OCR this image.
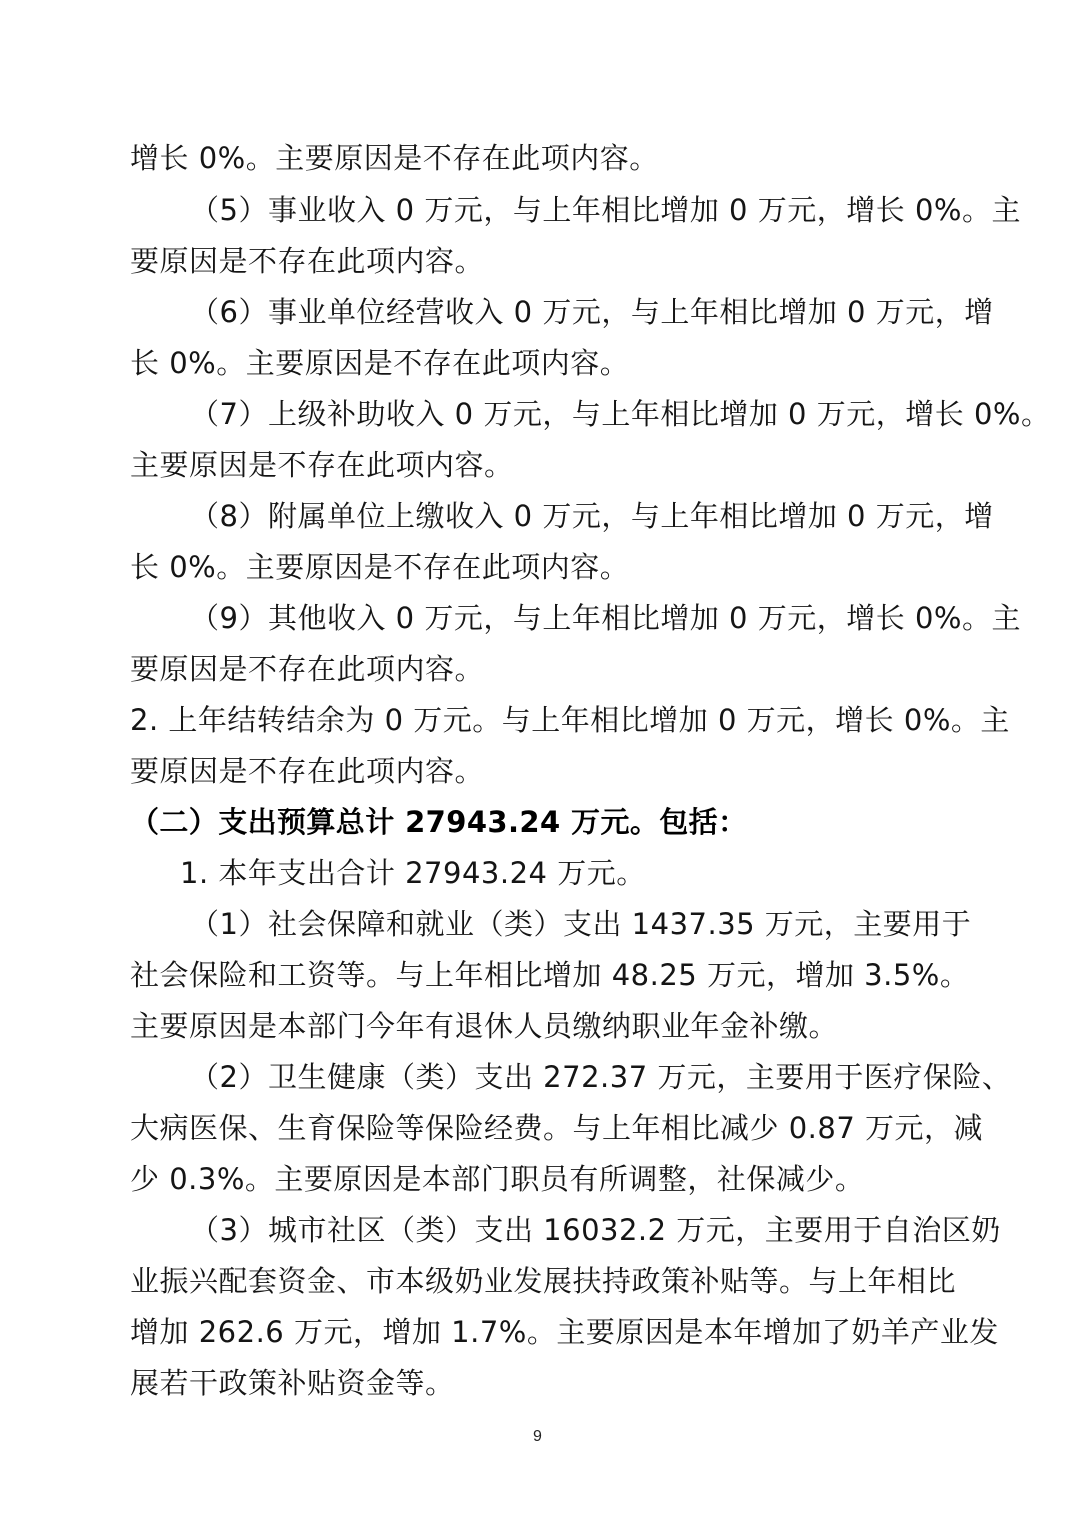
增长 0%。主要原因是不存在此项内容。

（5）事业收入 0 万元，与上年相比增加 0 万元，增长 0%。主

要原因是不存在此项内容。

（6）事业单位经营收入 0 万元，与上年相比增加 0 万元，增

长 0%。主要原因是不存在此项内容。

（7）上级补助收入 0 万元，与上年相比增加 0 万元，增长 0%。

主要原因是不存在此项内容。

（8）附属单位上缴收入 0 万元，与上年相比增加 0 万元，增

长 0%。主要原因是不存在此项内容。

（9）其他收入 0 万元，与上年相比增加 0 万元，增长 0%。主

要原因是不存在此项内容。

2. 上年结转结余为 0 万元。与上年相比增加 0 万元，增长 0%。主

要原因是不存在此项内容。

（二）支出预算总计 27943.24 万元。包括：

1. 本年支出合计 27943.24 万元。

（1）社会保障和就业（类）支出 1437.35 万元，主要用于

社会保险和工资等。与上年相比增加 48.25 万元，增加 3.5%。

主要原因是本部门今年有退休人员缴纳职业年金补缴。

（2）卫生健康（类）支出 272.37 万元，主要用于医疗保险、

大病医保、生育保险等保险经费。与上年相比减少 0.87 万元，减

少 0.3%。主要原因是本部门职员有所调整，社保减少。

（3）城市社区（类）支出 16032.2 万元，主要用于自治区奶

业振兴配套资金、市本级奶业发展扶持政策补贴等。与上年相比

增加 262.6 万元，增加 1.7%。主要原因是本年增加了奶羊产业发

展若干政策补贴资金等。

9
